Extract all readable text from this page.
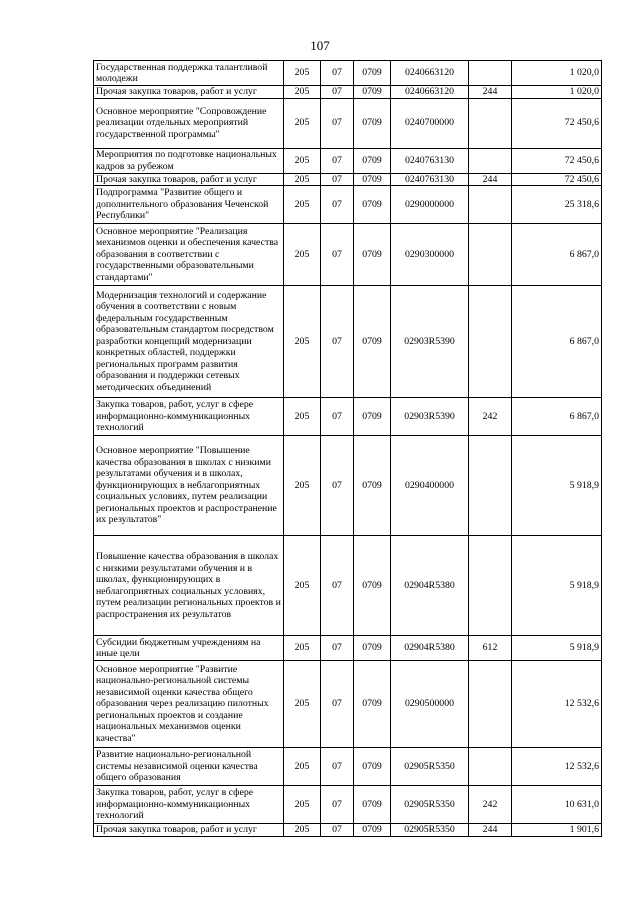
107
Государственная поддержка талантливой молодежи	205	07	0709	0240663120		1 020,0
Прочая закупка товаров, работ и услуг	205	07	0709	0240663120	244	1 020,0
Основное мероприятие "Сопровождение реализации отдельных мероприятий государственной программы"	205	07	0709	0240700000		72 450,6
Мероприятия по подготовке национальных кадров за рубежом	205	07	0709	0240763130		72 450,6
Прочая закупка товаров, работ и услуг	205	07	0709	0240763130	244	72 450,6
Подпрограмма "Развитие общего и дополнительного образования Чеченской Республики"	205	07	0709	0290000000		25 318,6
Основное мероприятие "Реализация механизмов оценки и обеспечения качества образования в соответствии с государственными образовательными стандартами"	205	07	0709	0290300000		6 867,0
Модернизация технологий и содержание обучения в соответствии с новым федеральным государственным образовательным стандартом посредством разработки концепций модернизации конкретных областей, поддержки региональных программ развития образования и поддержки сетевых методических объединений	205	07	0709	02903R5390		6 867,0
Закупка товаров, работ, услуг в сфере информационно-коммуникационных технологий	205	07	0709	02903R5390	242	6 867,0
Основное мероприятие "Повышение качества образования в школах с низкими результатами обучения и в школах, функционирующих в неблагоприятных социальных условиях, путем реализации региональных проектов и распространение их результатов"	205	07	0709	0290400000		5 918,9
Повышение качества образования в школах с низкими результатами обучения и в школах, функционирующих в неблагоприятных социальных условиях, путем реализации региональных проектов и распространения их результатов	205	07	0709	02904R5380		5 918,9
Субсидии бюджетным учреждениям на иные цели	205	07	0709	02904R5380	612	5 918,9
Основное мероприятие "Развитие национально-региональной системы независимой оценки качества общего образования через реализацию пилотных региональных проектов и создание национальных механизмов оценки качества"	205	07	0709	0290500000		12 532,6
Развитие национально-региональной системы независимой оценки качества общего образования	205	07	0709	02905R5350		12 532,6
Закупка товаров, работ, услуг в сфере информационно-коммуникационных технологий	205	07	0709	02905R5350	242	10 631,0
Прочая закупка товаров, работ и услуг	205	07	0709	02905R5350	244	1 901,6
